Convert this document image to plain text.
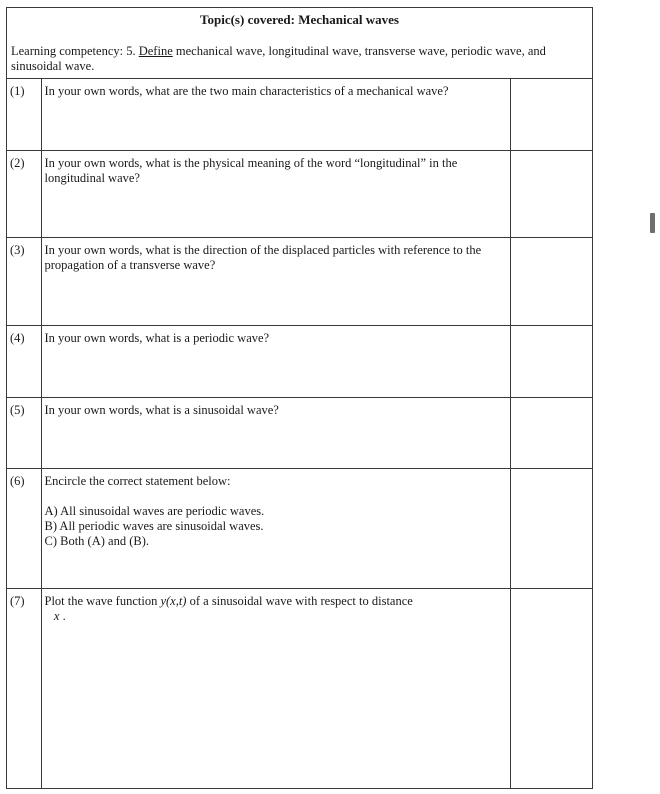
Topic(s) covered: Mechanical waves
Learning competency: 5. Define mechanical wave, longitudinal wave, transverse wave, periodic wave, and sinusoidal wave.
(1)	In your own words, what are the two main characteristics of a mechanical wave?	
(2)	In your own words, what is the physical meaning of the word “longitudinal” in the longitudinal wave?	
(3)	In your own words, what is the direction of the displaced particles with reference to the propagation of a transverse wave?	
(4)	In your own words, what is a periodic wave?	
(5)	In your own words, what is a sinusoidal wave?	
(6)	Encircle the correct statement below:
A) All sinusoidal waves are periodic waves.
B) All periodic waves are sinusoidal waves.
C) Both (A) and (B).	

(7)	Plot the wave function y(x,t) of a sinusoidal wave with respect to distance
x .	
